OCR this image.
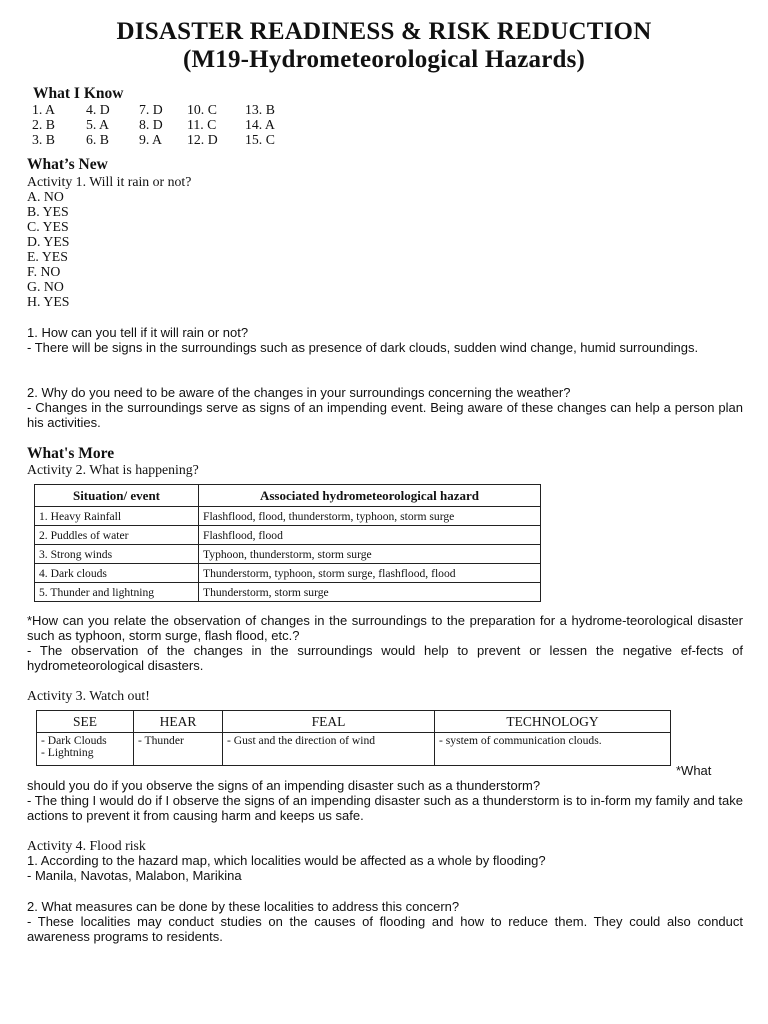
DISASTER READINESS & RISK REDUCTION
(M19-Hydrometeorological Hazards)
What I Know
1. A
2. B
3. B
4. D
5. A
6. B
7. D
8. D
9. A
10. C
11. C
12. D
13. B
14. A
15. C
What’s New
Activity 1. Will it rain or not?
A. NO
B. YES
C. YES
D. YES
E. YES
F. NO
G. NO
H. YES
1. How can you tell if it will rain or not?
- There will be signs in the surroundings such as presence of dark clouds, sudden wind change, humid surroundings.
2. Why do you need to be aware of the changes in your surroundings concerning the weather?
- Changes in the surroundings serve as signs of an impending event. Being aware of these changes can help a person plan his activities.
What's More
Activity 2. What is happening?
Situation/ event	Associated hydrometeorological hazard
1. Heavy Rainfall	Flashflood, flood, thunderstorm, typhoon, storm surge
2. Puddles of water	Flashflood, flood
3. Strong winds	Typhoon, thunderstorm, storm surge
4. Dark clouds	Thunderstorm, typhoon, storm surge, flashflood, flood
5. Thunder and lightning	Thunderstorm, storm surge
*How can you relate the observation of changes in the surroundings to the preparation for a hydrome-teorological disaster such as typhoon, storm surge, flash flood, etc.?
- The observation of the changes in the surroundings would help to prevent or lessen the negative ef-fects of hydrometeorological disasters.
Activity 3. Watch out!
SEE	HEAR	FEAL	TECHNOLOGY
- Dark Clouds
- Lightning	- Thunder	- Gust and the direction of wind	- system of communication clouds.
*What
should you do if you observe the signs of an impending disaster such as a thunderstorm?
- The thing I would do if I observe the signs of an impending disaster such as a thunderstorm is to in-form my family and take actions to prevent it from causing harm and keeps us safe.
Activity 4. Flood risk
1. According to the hazard map, which localities would be affected as a whole by flooding?
- Manila, Navotas, Malabon, Marikina
2. What measures can be done by these localities to address this concern?
- These localities may conduct studies on the causes of flooding and how to reduce them. They could also conduct awareness programs to residents.
